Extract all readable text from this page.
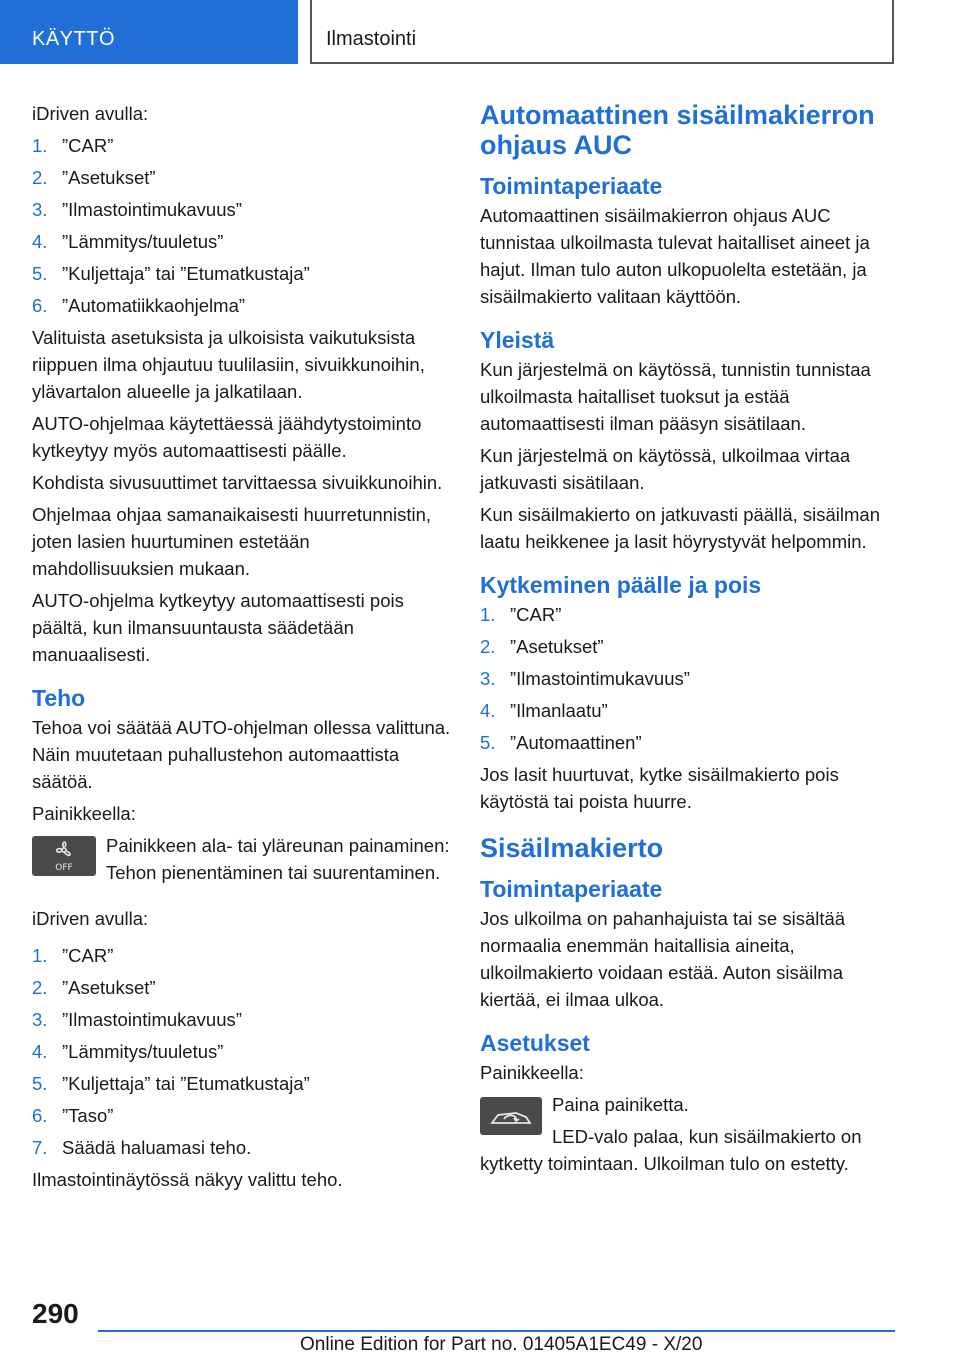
KÄYTTÖ	Ilmastointi

iDriven avulla:

1. ”CAR”
2. ”Asetukset”
3. ”Ilmastointimukavuus”
4. ”Lämmitys/tuuletus”
5. ”Kuljettaja” tai ”Etumatkustaja”
6. ”Automatiikkaohjelma”

Valituista asetuksista ja ulkoisista vaikutuksista riippuen ilma ohjautuu tuulilasiin, sivuikkunoihin, ylävartalon alueelle ja jalkatilaan.

AUTO-ohjelmaa käytettäessä jäähdytystoiminto kytkeytyy myös automaattisesti päälle.

Kohdista sivusuuttimet tarvittaessa sivuikkunoihin.

Ohjelmaa ohjaa samanaikaisesti huurretunnistin, joten lasien huurtuminen estetään mahdollisuuksien mukaan.

AUTO-ohjelma kytkeytyy automaattisesti pois päältä, kun ilmansuuntausta säädetään manuaalisesti.

Teho

Tehoa voi säätää AUTO-ohjelman ollessa valittuna. Näin muutetaan puhallustehon automaattista säätöä.

Painikkeella:

OFF

Painikkeen ala- tai yläreunan painaminen: Tehon pienentäminen tai suurentaminen.

iDriven avulla:

1. ”CAR”
2. ”Asetukset”
3. ”Ilmastointimukavuus”
4. ”Lämmitys/tuuletus”
5. ”Kuljettaja” tai ”Etumatkustaja”
6. ”Taso”
7. Säädä haluamasi teho.

Ilmastointinäytössä näkyy valittu teho.

Automaattinen sisäilmakierron ohjaus AUC
Toimintaperiaate

Automaattinen sisäilmakierron ohjaus AUC tunnistaa ulkoilmasta tulevat haitalliset aineet ja hajut. Ilman tulo auton ulkopuolelta estetään, ja sisäilmakierto valitaan käyttöön.

Yleistä

Kun järjestelmä on käytössä, tunnistin tunnistaa ulkoilmasta haitalliset tuoksut ja estää automaattisesti ilman pääsyn sisätilaan.

Kun järjestelmä on käytössä, ulkoilmaa virtaa jatkuvasti sisätilaan.

Kun sisäilmakierto on jatkuvasti päällä, sisäilman laatu heikkenee ja lasit höyrystyvät helpommin.

Kytkeminen päälle ja pois
1. ”CAR”
2. ”Asetukset”
3. ”Ilmastointimukavuus”
4. ”Ilmanlaatu”
5. ”Automaattinen”

Jos lasit huurtuvat, kytke sisäilmakierto pois käytöstä tai poista huurre.

Sisäilmakierto
Toimintaperiaate

Jos ulkoilma on pahanhajuista tai se sisältää normaalia enemmän haitallisia aineita, ulkoilmakierto voidaan estää. Auton sisäilma kiertää, ei ilmaa ulkoa.

Asetukset

Painikkeella:

Paina painiketta.

LED-valo palaa, kun sisäilmakierto on kytketty toimintaan. Ulkoilman tulo on estetty.

290
Online Edition for Part no. 01405A1EC49 - X/20
